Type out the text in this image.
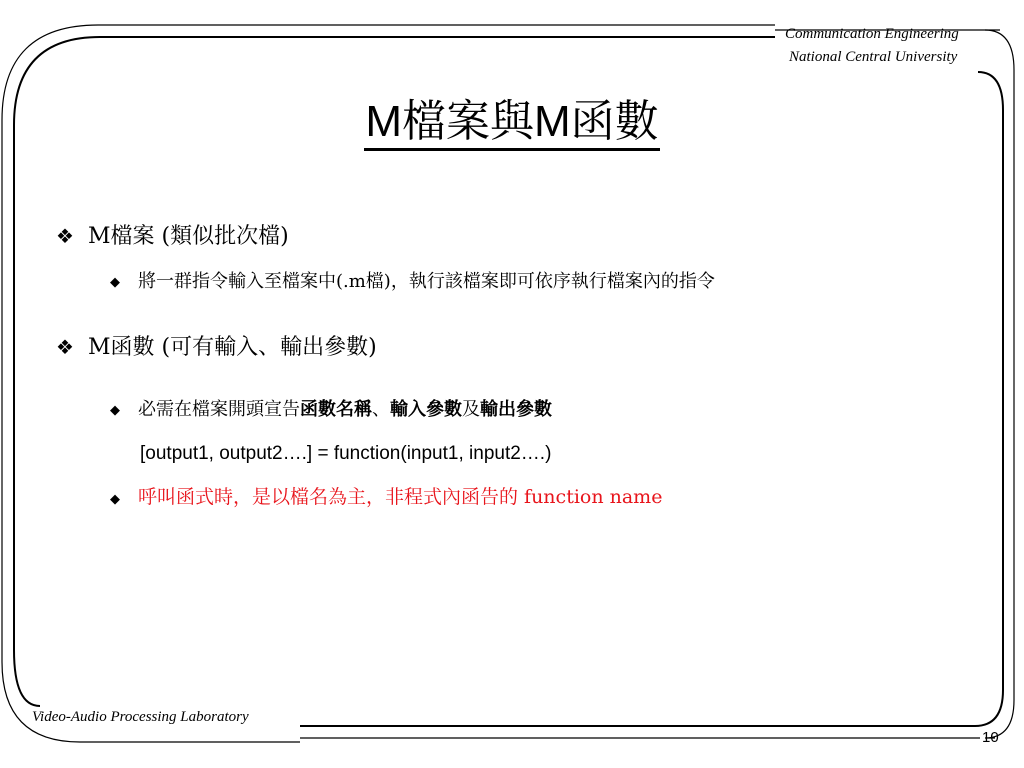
Communication Engineering
National Central University
M檔案與M函數
❖ M檔案 (類似批次檔)
◆ 將一群指令輸入至檔案中(.m檔)，執行該檔案即可依序執行檔案內的指令
❖ M函數 (可有輸入、輸出參數)
◆ 必需在檔案開頭宣告函數名稱、輸入參數及輸出參數
[output1, output2….] = function(input1, input2….)
◆ 呼叫函式時，是以檔名為主，非程式內函告的 function name
Video-Audio Processing Laboratory
10
